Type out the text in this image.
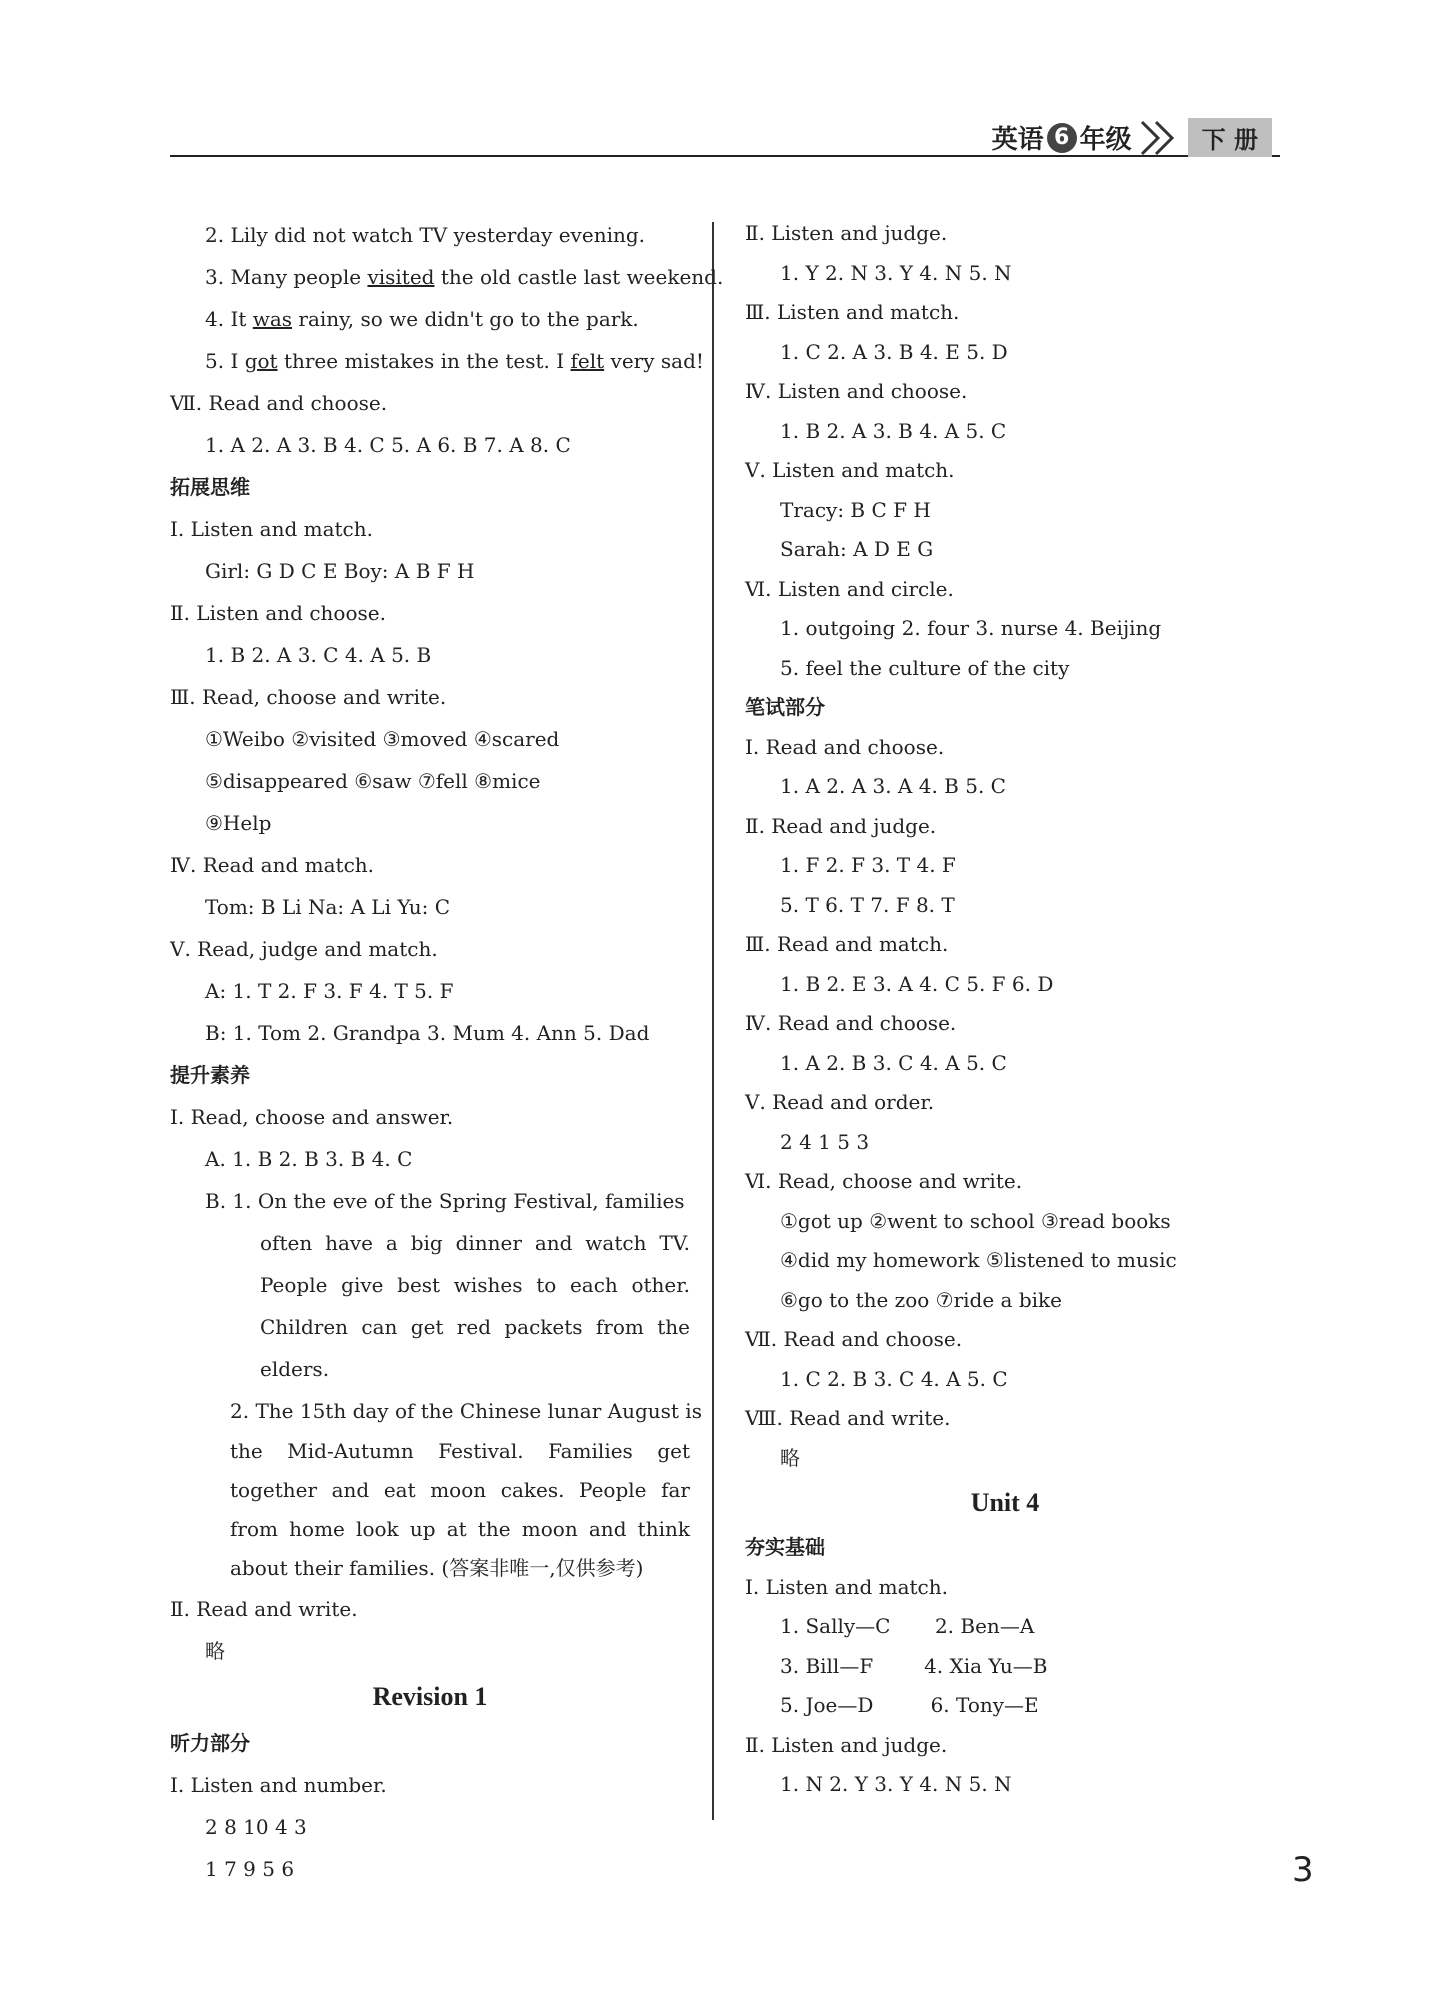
英语 6 年级	下 册
2. Lily did not watch TV yesterday evening.
3. Many people visited the old castle last weekend.
4. It was rainy, so we didn't go to the park.
5. I got three mistakes in the test. I felt very sad!
Ⅶ. Read and choose.
1. A 2. A 3. B 4. C 5. A 6. B 7. A 8. C
拓展思维
Ⅰ. Listen and match.
Girl: G D C E Boy: A B F H
Ⅱ. Listen and choose.
1. B 2. A 3. C 4. A 5. B
Ⅲ. Read, choose and write.
①Weibo ②visited ③moved ④scared
⑤disappeared ⑥saw ⑦fell ⑧mice
⑨Help
Ⅳ. Read and match.
Tom: B Li Na: A Li Yu: C
Ⅴ. Read, judge and match.
A: 1. T 2. F 3. F 4. T 5. F
B: 1. Tom 2. Grandpa 3. Mum 4. Ann 5. Dad
提升素养
Ⅰ. Read, choose and answer.
A. 1. B 2. B 3. B 4. C
B. 1. On the eve of the Spring Festival, families
often have a big dinner and watch TV. People give best wishes to each other. Children can get red packets from the elders.
2. The 15th day of the Chinese lunar August is
the Mid-Autumn Festival. Families get together and eat moon cakes. People far from home look up at the moon and think about their families. (答案非唯一,仅供参考)
Ⅱ. Read and write.
略
Revision 1
听力部分
Ⅰ. Listen and number.
2 8 10 4 3
1 7 9 5 6
Ⅱ. Listen and judge.
1. Y 2. N 3. Y 4. N 5. N
Ⅲ. Listen and match.
1. C 2. A 3. B 4. E 5. D
Ⅳ. Listen and choose.
1. B 2. A 3. B 4. A 5. C
Ⅴ. Listen and match.
Tracy: B C F H
Sarah: A D E G
Ⅵ. Listen and circle.
1. outgoing 2. four 3. nurse 4. Beijing
5. feel the culture of the city
笔试部分
Ⅰ. Read and choose.
1. A 2. A 3. A 4. B 5. C
Ⅱ. Read and judge.
1. F 2. F 3. T 4. F
5. T 6. T 7. F 8. T
Ⅲ. Read and match.
1. B 2. E 3. A 4. C 5. F 6. D
Ⅳ. Read and choose.
1. A 2. B 3. C 4. A 5. C
Ⅴ. Read and order.
2 4 1 5 3
Ⅵ. Read, choose and write.
①got up ②went to school ③read books
④did my homework ⑤listened to music
⑥go to the zoo ⑦ride a bike
Ⅶ. Read and choose.
1. C 2. B 3. C 4. A 5. C
Ⅷ. Read and write.
略
Unit 4
夯实基础
Ⅰ. Listen and match.
1. Sally—C       2. Ben—A
3. Bill—F        4. Xia Yu—B
5. Joe—D         6. Tony—E
Ⅱ. Listen and judge.
1. N 2. Y 3. Y 4. N 5. N
3
